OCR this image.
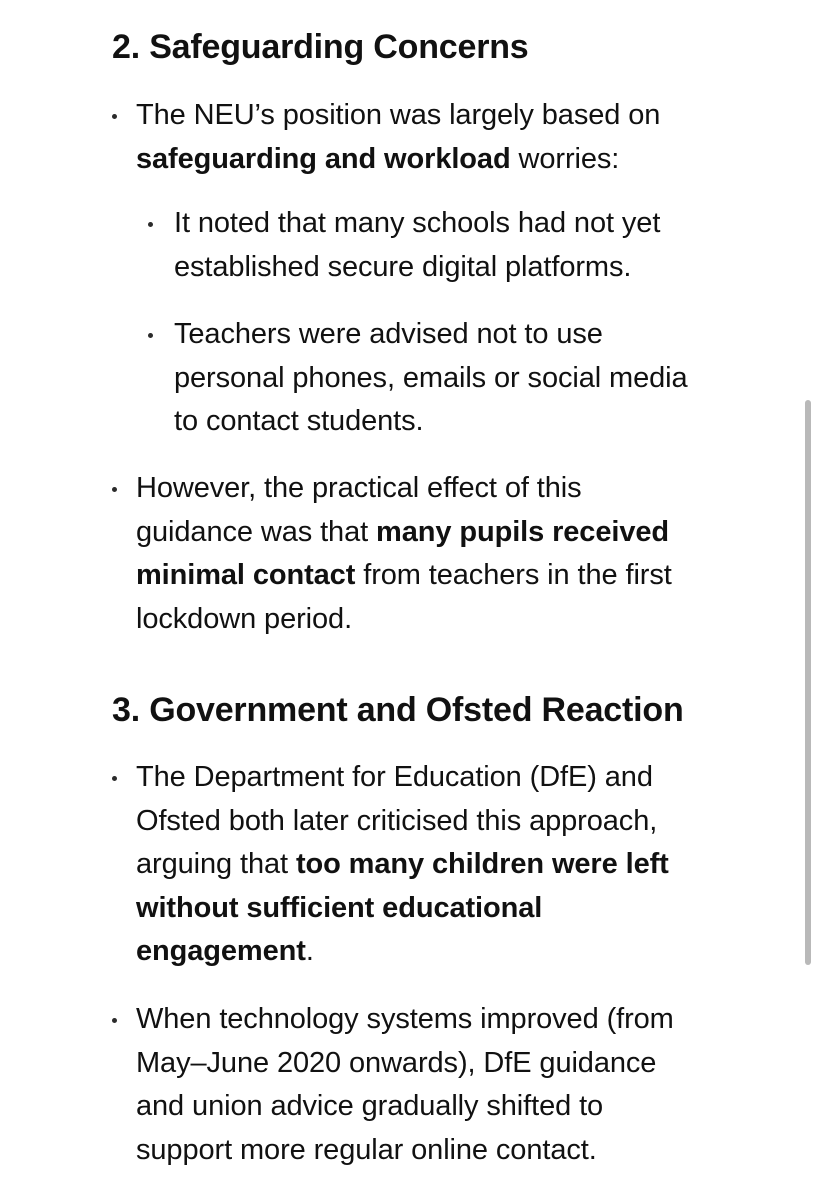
2. Safeguarding Concerns
The NEU’s position was largely based on
safeguarding and workload worries:
It noted that many schools had not yet
established secure digital platforms.
Teachers were advised not to use
personal phones, emails or social media
to contact students.
However, the practical effect of this
guidance was that many pupils received
minimal contact from teachers in the first
lockdown period.
3. Government and Ofsted Reaction
The Department for Education (DfE) and
Ofsted both later criticised this approach,
arguing that too many children were left
without sufficient educational
engagement.
When technology systems improved (from
May–June 2020 onwards), DfE guidance
and union advice gradually shifted to
support more regular online contact.
